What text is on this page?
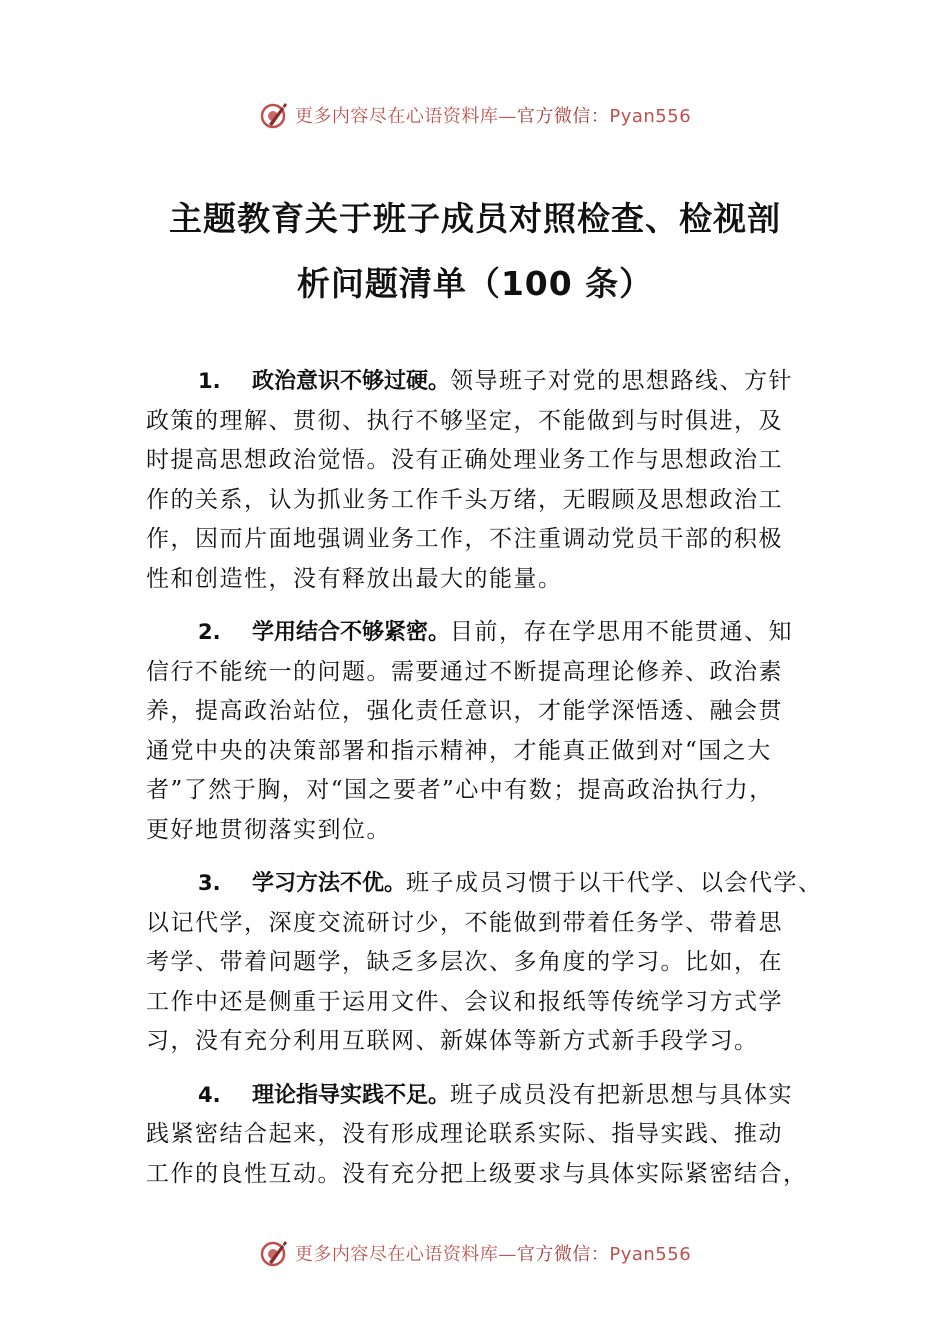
更多内容尽在心语资料库—官方微信：Pyan556
主题教育关于班子成员对照检查、检视剖
析问题清单（100 条）
1. 政治意识不够过硬。领导班子对党的思想路线、方针
政策的理解、贯彻、执行不够坚定，不能做到与时俱进，及
时提高思想政治觉悟。没有正确处理业务工作与思想政治工
作的关系，认为抓业务工作千头万绪，无暇顾及思想政治工
作，因而片面地强调业务工作，不注重调动党员干部的积极
性和创造性，没有释放出最大的能量。
2. 学用结合不够紧密。目前，存在学思用不能贯通、知
信行不能统一的问题。需要通过不断提高理论修养、政治素
养，提高政治站位，强化责任意识，才能学深悟透、融会贯
通党中央的决策部署和指示精神，才能真正做到对“国之大
者”了然于胸，对“国之要者”心中有数；提高政治执行力，
更好地贯彻落实到位。
3. 学习方法不优。班子成员习惯于以干代学、以会代学、
以记代学，深度交流研讨少，不能做到带着任务学、带着思
考学、带着问题学，缺乏多层次、多角度的学习。比如，在
工作中还是侧重于运用文件、会议和报纸等传统学习方式学
习，没有充分利用互联网、新媒体等新方式新手段学习。
4. 理论指导实践不足。班子成员没有把新思想与具体实
践紧密结合起来，没有形成理论联系实际、指导实践、推动
工作的良性互动。没有充分把上级要求与具体实际紧密结合，
更多内容尽在心语资料库—官方微信：Pyan556
